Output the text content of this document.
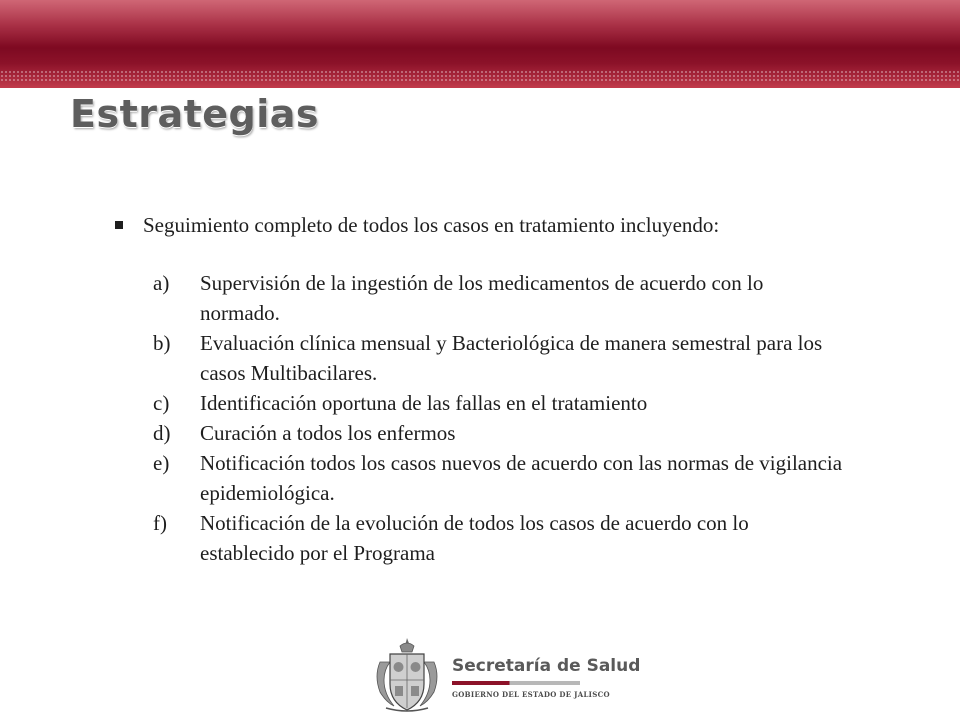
Estrategias
Seguimiento completo de todos los casos en tratamiento incluyendo:
a)	Supervisión de la ingestión de los medicamentos de acuerdo con lo normado.
b)	Evaluación clínica mensual y Bacteriológica de manera semestral para los casos Multibacilares.
c)	Identificación oportuna de las fallas en el tratamiento
d)	Curación a todos los enfermos
e)	Notificación todos los casos nuevos de acuerdo con las normas de vigilancia epidemiológica.
f)	Notificación de la evolución de todos los casos de acuerdo con lo establecido por el Programa
Secretaría de Salud
GOBIERNO DEL ESTADO DE JALISCO
